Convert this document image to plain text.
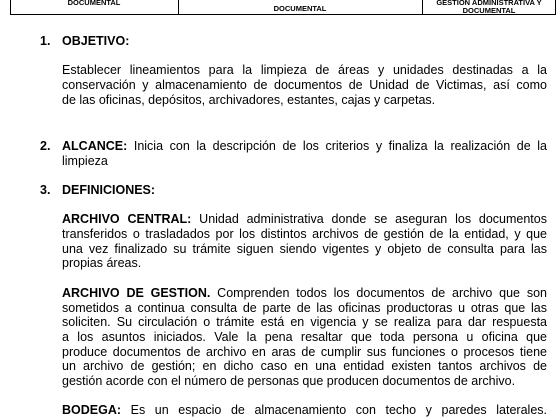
DOCUMENTAL
DOCUMENTAL
GESTION ADMINISTRATIVA Y
DOCUMENTAL
1. OBJETIVO:
Establecer lineamientos para la limpieza de áreas y unidades destinadas a la
conservación y almacenamiento de documentos de Unidad de Victimas, así como
de las oficinas, depósitos, archivadores, estantes, cajas y carpetas.
2. ALCANCE: Inicia con la descripción de los criterios y finaliza la realización de la
limpieza
3. DEFINICIONES:
ARCHIVO CENTRAL: Unidad administrativa donde se aseguran los documentos
transferidos o trasladados por los distintos archivos de gestión de la entidad, y que
una vez finalizado su trámite siguen siendo vigentes y objeto de consulta para las
propias áreas.
ARCHIVO DE GESTION. Comprenden todos los documentos de archivo que son
sometidos a continua consulta de parte de las oficinas productoras u otras que las
soliciten. Su circulación o trámite está en vigencia y se realiza para dar respuesta
a los asuntos iniciados. Vale la pena resaltar que toda persona u oficina que
produce documentos de archivo en aras de cumplir sus funciones o procesos tiene
un archivo de gestión; en dicho caso en una entidad existen tantos archivos de
gestión acorde con el número de personas que producen documentos de archivo.
BODEGA: Es un espacio de almacenamiento con techo y paredes laterales.
